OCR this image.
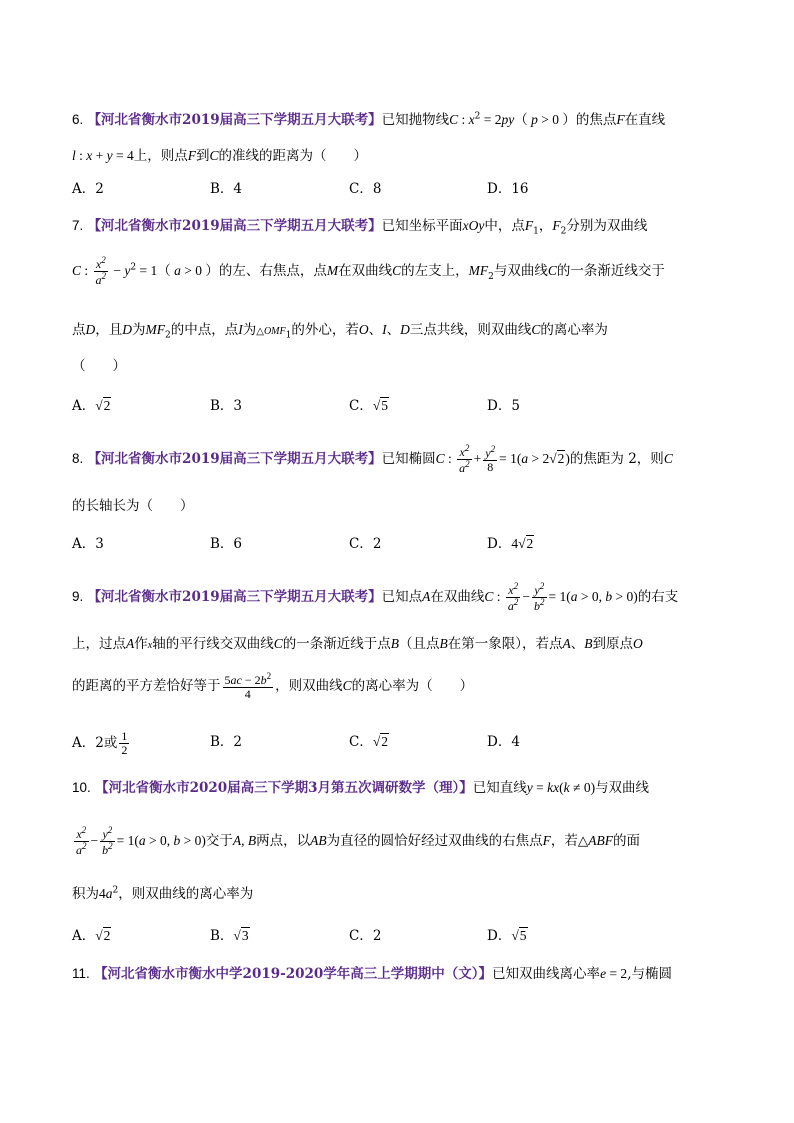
6. 【河北省衡水市2019届高三下学期五月大联考】已知抛物线C : $x^2 = 2py$（ p > 0 ）的焦点F在直线
l : x + y = 4上，则点F到C的准线的距离为（　　）
A．2	B．4	C．8	D．16
7. 【河北省衡水市2019届高三下学期五月大联考】已知坐标平面xOy中，点$F_1$，$F_2$分别为双曲线
C : $\frac{x^2}{a^2} - y^2 = 1$（ a > 0 ）的左、右焦点，点M在双曲线C的左支上，$MF_2$与双曲线C的一条渐近线交于
点D，且D为$MF_2$的中点，点I为$\triangle OMF_1$的外心，若O、I、D三点共线，则双曲线C的离心率为
（　　）
A．√2	B．3	C．√5	D．5
8. 【河北省衡水市2019届高三下学期五月大联考】已知椭圆C : $\frac{x^2}{a^2} + \frac{y^2}{8} = 1(a > 2√2)$的焦距为 2，则C
的长轴长为（　　）
A．3	B．6	C．2	D．4√2
9. 【河北省衡水市2019届高三下学期五月大联考】已知点A在双曲线C : $\frac{x^2}{a^2} - \frac{y^2}{b^2} = 1(a > 0$, b > 0)的右支
上，过点A作x轴的平行线交双曲线C的一条渐近线于点B（且点B在第一象限），若点A、B到原点O
的距离的平方差恰好等于 $\frac{5ac - 2b^2}{4}$ ，则双曲线C的离心率为（　　）
A．2或 $\frac{1}{2}$	B．2	C．√2	D．4
10. 【河北省衡水市2020届高三下学期3月第五次调研数学（理）】已知直线y = kx(k ≠ 0)与双曲线
$\frac{x^2}{a^2} - \frac{y^2}{b^2} = 1(a > 0$, b > 0)交于A, B两点，以AB为直径的圆恰好经过双曲线的右焦点F，若△ABF的面
积为$4a^2$，则双曲线的离心率为
A．√2	B．√3	C．2	D．√5
11. 【河北省衡水市衡水中学2019-2020学年高三上学期期中（文）】已知双曲线离心率e = 2,与椭圆
